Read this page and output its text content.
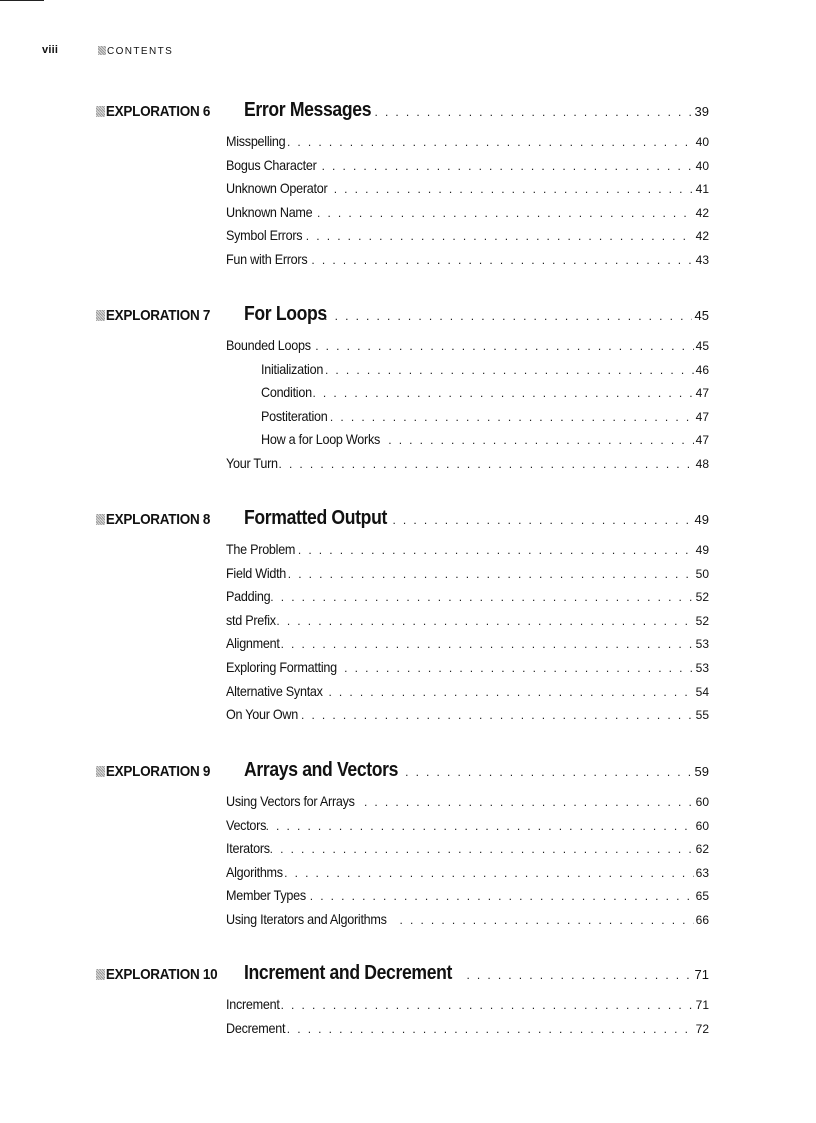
viii	CONTENTS
EXPLORATION 6	Error Messages . . .	39
Misspelling . . .	40
Bogus Character . . .	40
Unknown Operator . . .	41
Unknown Name . . .	42
Symbol Errors . . .	42
Fun with Errors . . .	43
EXPLORATION 7	For Loops . . .	45
Bounded Loops . . .	45
Initialization . . .	46
Condition . . .	47
Postiteration . . .	47
How a for Loop Works . . .	47
Your Turn . . .	48
EXPLORATION 8	Formatted Output . . .	49
The Problem . . .	49
Field Width . . .	50
Padding . . .	52
std Prefix . . .	52
Alignment . . .	53
Exploring Formatting . . .	53
Alternative Syntax . . .	54
On Your Own . . .	55
EXPLORATION 9	Arrays and Vectors . . .	59
Using Vectors for Arrays . . .	60
Vectors . . .	60
Iterators . . .	62
Algorithms . . .	63
Member Types . . .	65
Using Iterators and Algorithms . . .	66
EXPLORATION 10	Increment and Decrement . . .	71
Increment . . .	71
Decrement . . .	72
